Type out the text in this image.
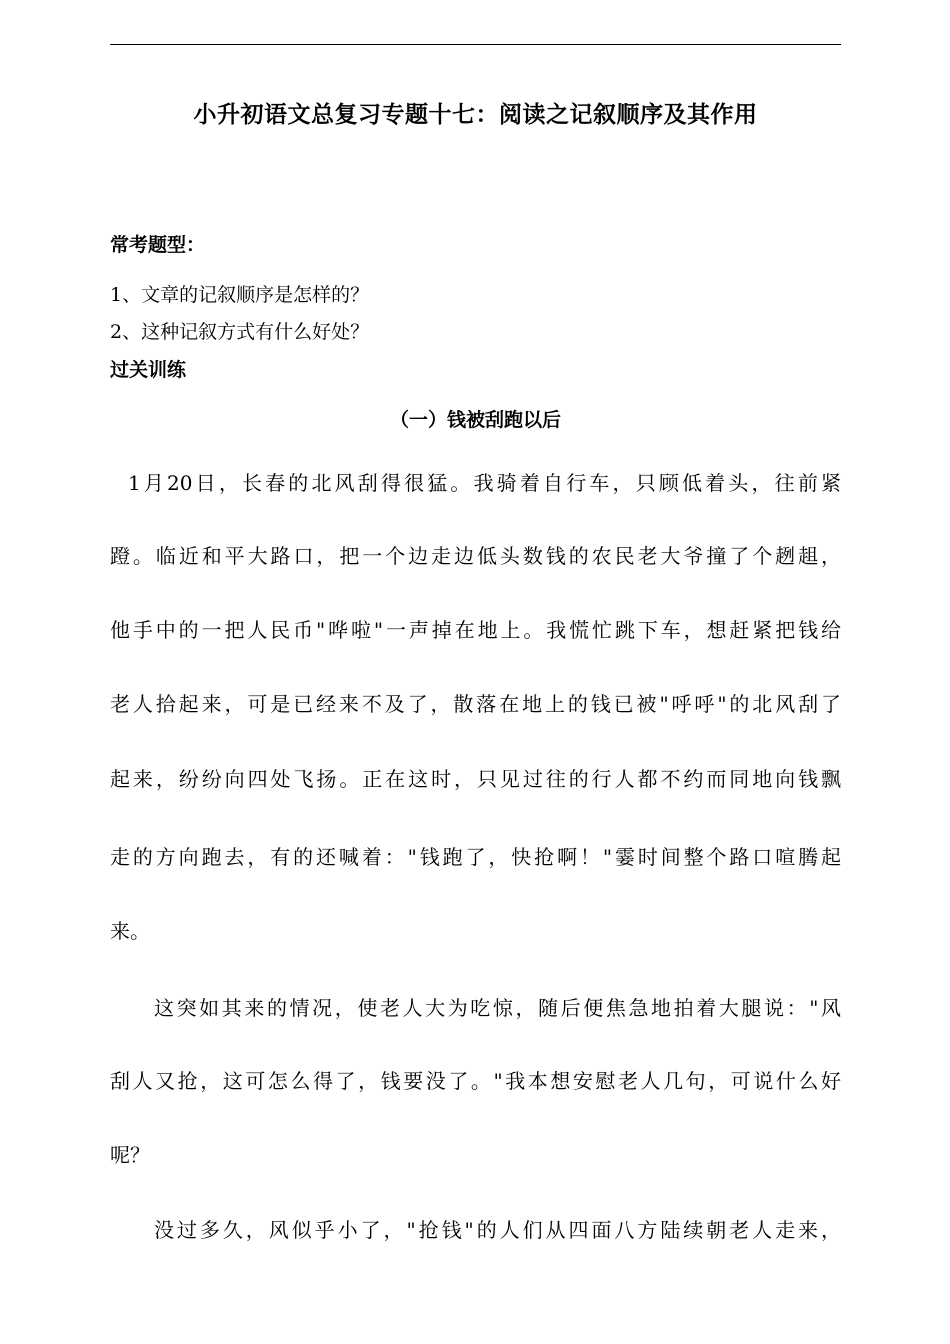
小升初语文总复习专题十七：阅读之记叙顺序及其作用
常考题型：
1、文章的记叙顺序是怎样的？
2、这种记叙方式有什么好处？
过关训练
（一）钱被刮跑以后
1月20日，长春的北风刮得很猛。我骑着自行车，只顾低着头，往前紧
蹬。临近和平大路口，把一个边走边低头数钱的农民老大爷撞了个趔趄，
他手中的一把人民币"哗啦"一声掉在地上。我慌忙跳下车，想赶紧把钱给
老人拾起来，可是已经来不及了，散落在地上的钱已被"呼呼"的北风刮了
起来，纷纷向四处飞扬。正在这时，只见过往的行人都不约而同地向钱飘
走的方向跑去，有的还喊着："钱跑了，快抢啊！"霎时间整个路口喧腾起
来。
这突如其来的情况，使老人大为吃惊，随后便焦急地拍着大腿说："风
刮人又抢，这可怎么得了，钱要没了。"我本想安慰老人几句，可说什么好
呢？
没过多久，风似乎小了，"抢钱"的人们从四面八方陆续朝老人走来，
